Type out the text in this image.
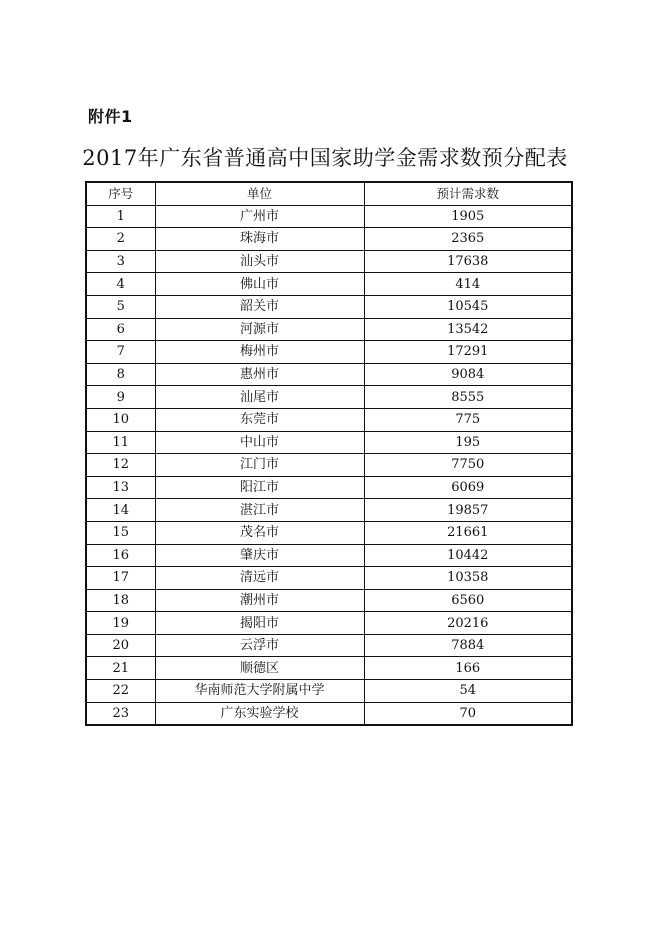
附件1
2017年广东省普通高中国家助学金需求数预分配表
序号	单位	预计需求数
1	广州市	1905
2	珠海市	2365
3	汕头市	17638
4	佛山市	414
5	韶关市	10545
6	河源市	13542
7	梅州市	17291
8	惠州市	9084
9	汕尾市	8555
10	东莞市	775
11	中山市	195
12	江门市	7750
13	阳江市	6069
14	湛江市	19857
15	茂名市	21661
16	肇庆市	10442
17	清远市	10358
18	潮州市	6560
19	揭阳市	20216
20	云浮市	7884
21	顺德区	166
22	华南师范大学附属中学	54
23	广东实验学校	70
